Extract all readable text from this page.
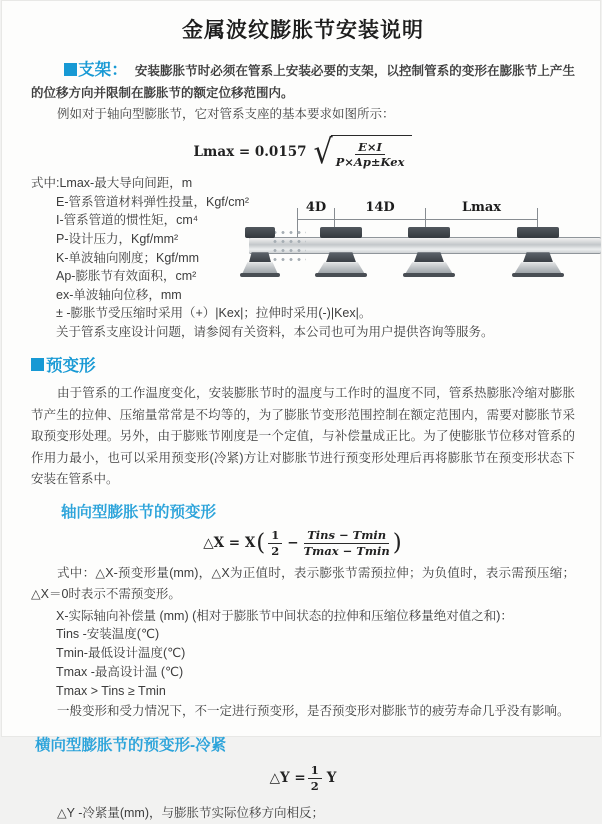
金属波纹膨胀节安装说明

支架： 安装膨胀节时必须在管系上安装必要的支架，以控制管系的变形在膨胀节上产生的位移方向并限制在膨胀节的额定位移范围内。

例如对于轴向型膨胀节，它对管系支座的基本要求如图所示：

Lmax = 0.0157 √ $\frac{E\times I}{\text{P×Ap±Kex}}$
式中:Lmax-最大导向间距，m
E-管系管道材料弹性投量，Kgf/cm²
I-管系管道的惯性矩，cm⁴
P-设计压力，Kgf/mm²
K-单波轴向刚度；Kgf/mm
Ap-膨胀节有效面积，cm²
ex-单波轴向位移，mm
± -膨胀节受压缩时采用（+）|Kex|；拉伸时采用(-)|Kex|。
关于管系支座设计问题，请参阅有关资料，本公司也可为用户提供咨询等服务。
4D	14D	Lmax
预变形

由于管系的工作温度变化，安装膨胀节时的温度与工作时的温度不同，管系热膨胀冷缩对膨胀节产生的拉伸、压缩量常常是不均等的，为了膨胀节变形范围控制在额定范围内，需要对膨胀节采取预变形处理。另外，由于膨账节刚度是一个定值，与补偿量成正比。为了使膨胀节位移对管系的作用力最小，也可以采用预变形(冷紧)方让对膨胀节进行预变形处理后再将膨胀节在预变形状态下安装在管系中。

轴向型膨胀节的预变形
△X = X ( $\frac{1}{2} - \frac{\text{Tins − Tmin}}{Tmax - Tmin}$ )

式中：△X-预变形量(mm)，△X为正值时，表示膨张节需预拉伸；为负值时，表示需预压缩；△X＝0时表示不需预变形。

X-实际轴向补偿量 (mm) (相对于膨胀节中间状态的拉伸和压缩位移量绝对值之和)：
Tins -安装温度(℃)
Tmin-最低设计温度(℃)
Tmax -最高设计温 (℃)
Tmax > Tins ≥ Tmin

一般变形和受力情况下，不一定进行预变形，是否预变形对膨胀节的疲劳寿命几乎没有影响。

横向型膨胀节的预变形-冷紧
△Y = $\frac{1}{2}$ Y

△Y -冷紧量(mm)，与膨胀节实际位移方向相反；
